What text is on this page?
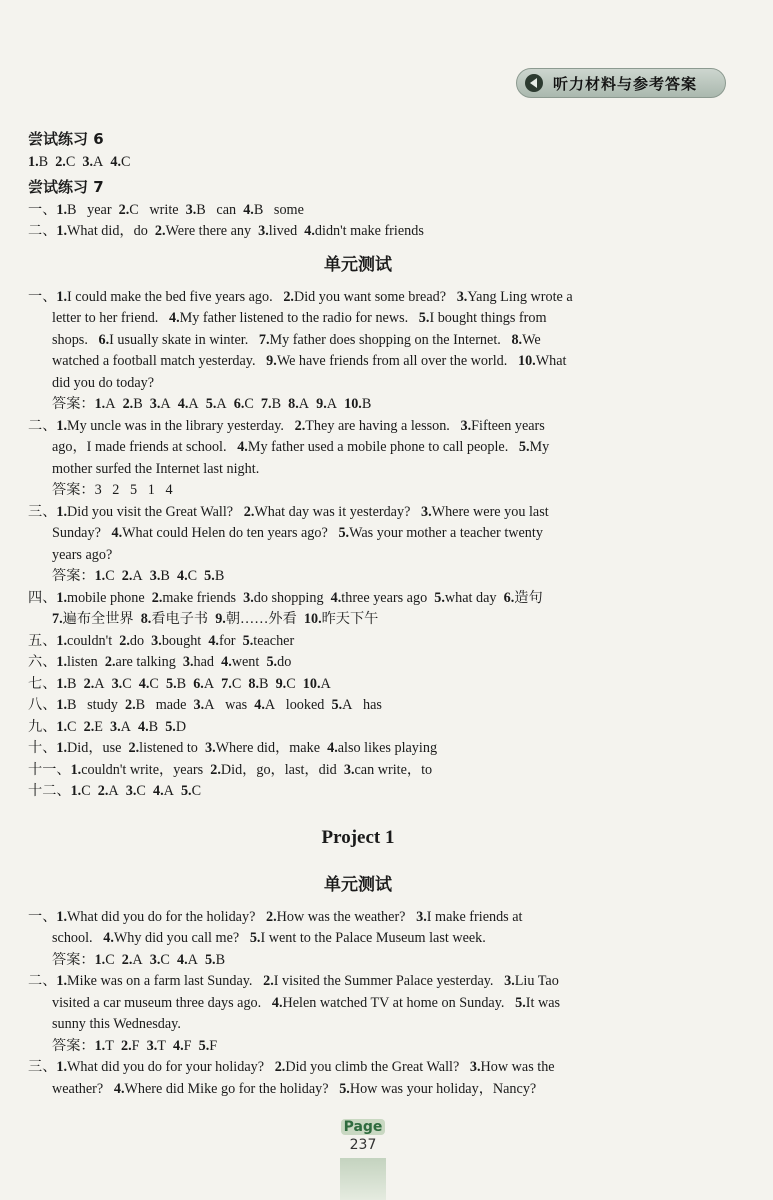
听力材料与参考答案
尝试练习 6
1.B  2.C  3.A  4.C
尝试练习 7
一、1.B   year  2.C   write  3.B   can  4.B   some
二、1.What did，do  2.Were there any  3.lived  4.didn't make friends
单元测试
一、1.I could make the bed five years ago.   2.Did you want some bread?   3.Yang Ling wrote a
letter to her friend.   4.My father listened to the radio for news.   5.I bought things from
shops.   6.I usually skate in winter.   7.My father does shopping on the Internet.   8.We
watched a football match yesterday.   9.We have friends from all over the world.   10.What
did you do today?
答案：1.A  2.B  3.A  4.A  5.A  6.C  7.B  8.A  9.A  10.B
二、1.My uncle was in the library yesterday.   2.They are having a lesson.   3.Fifteen years
ago，I made friends at school.   4.My father used a mobile phone to call people.   5.My
mother surfed the Internet last night.
答案：3   2   5   1   4
三、1.Did you visit the Great Wall?   2.What day was it yesterday?   3.Where were you last
Sunday?   4.What could Helen do ten years ago?   5.Was your mother a teacher twenty
years ago?
答案：1.C  2.A  3.B  4.C  5.B
四、1.mobile phone  2.make friends  3.do shopping  4.three years ago  5.what day  6.造句
7.遍布全世界  8.看电子书  9.朝……外看  10.昨天下午
五、1.couldn't  2.do  3.bought  4.for  5.teacher
六、1.listen  2.are talking  3.had  4.went  5.do
七、1.B  2.A  3.C  4.C  5.B  6.A  7.C  8.B  9.C  10.A
八、1.B   study  2.B   made  3.A   was  4.A   looked  5.A   has
九、1.C  2.E  3.A  4.B  5.D
十、1.Did，use  2.listened to  3.Where did，make  4.also likes playing
十一、1.couldn't write，years  2.Did，go，last，did  3.can write，to
十二、1.C  2.A  3.C  4.A  5.C
Project 1
单元测试
一、1.What did you do for the holiday?   2.How was the weather?   3.I make friends at
school.   4.Why did you call me?   5.I went to the Palace Museum last week.
答案：1.C  2.A  3.C  4.A  5.B
二、1.Mike was on a farm last Sunday.   2.I visited the Summer Palace yesterday.   3.Liu Tao
visited a car museum three days ago.   4.Helen watched TV at home on Sunday.   5.It was
sunny this Wednesday.
答案：1.T  2.F  3.T  4.F  5.F
三、1.What did you do for your holiday?   2.Did you climb the Great Wall?   3.How was the
weather?   4.Where did Mike go for the holiday?   5.How was your holiday，Nancy?
Page
237
